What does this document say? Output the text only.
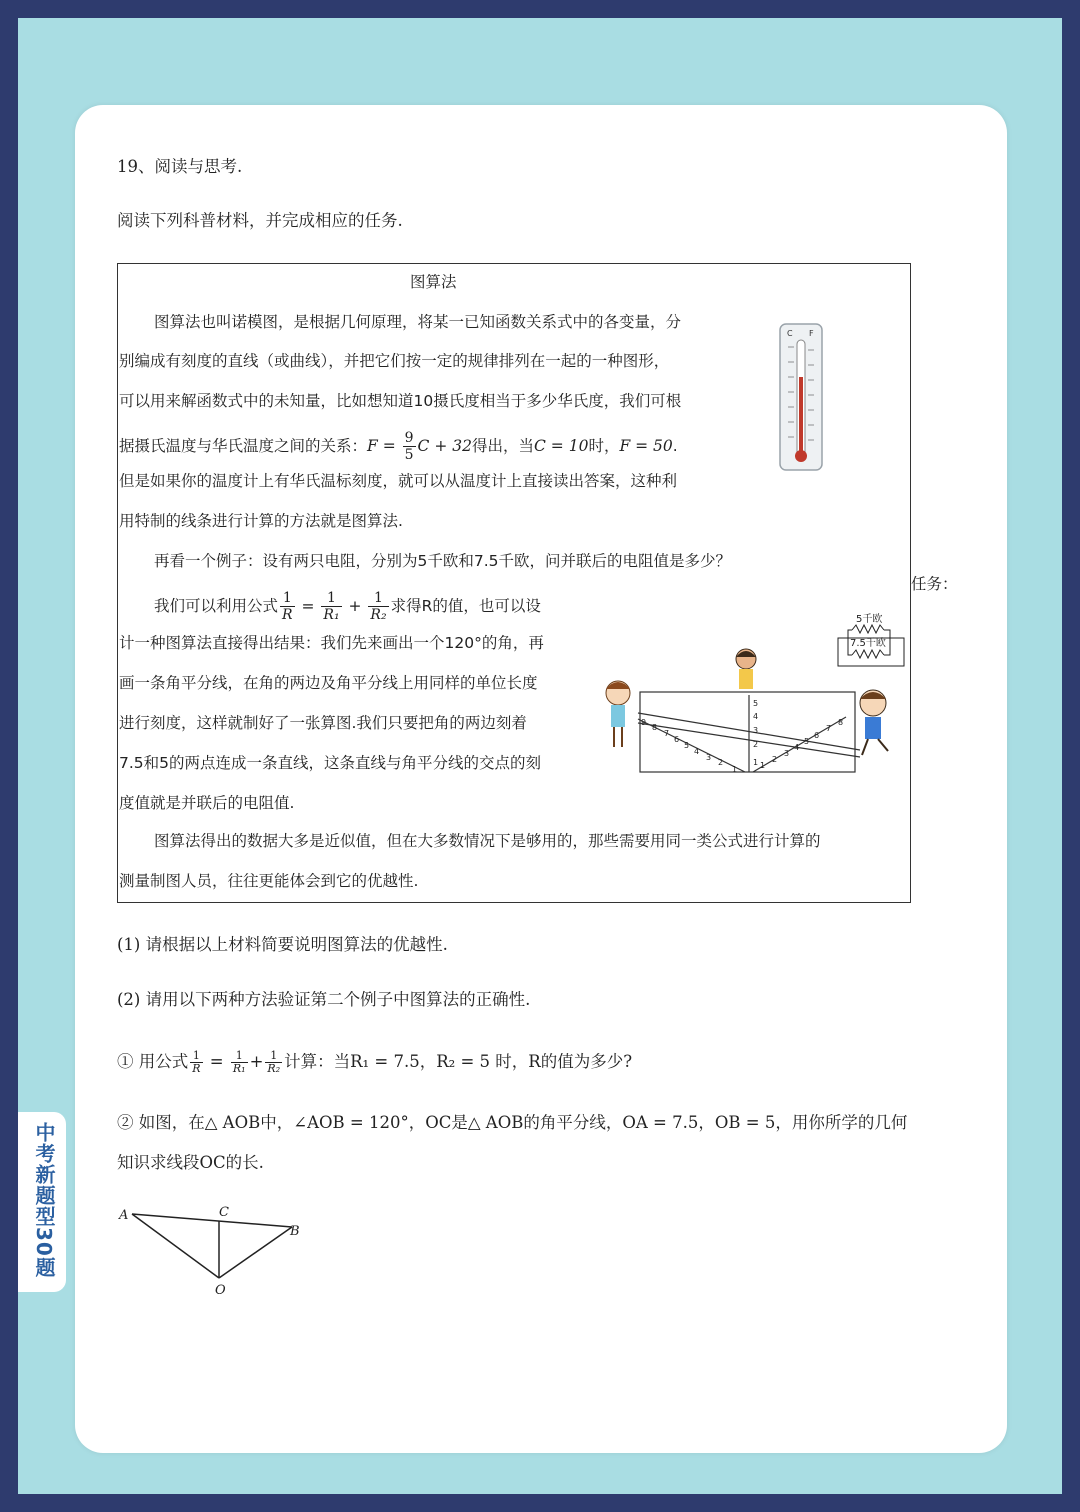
中考新题型30题
19、阅读与思考.
阅读下列科普材料，并完成相应的任务.
图算法
图算法也叫诺模图，是根据几何原理，将某一已知函数关系式中的各变量，分
别编成有刻度的直线（或曲线），并把它们按一定的规律排列在一起的一种图形，
可以用来解函数式中的未知量，比如想知道10摄氏度相当于多少华氏度，我们可根
据摄氏温度与华氏温度之间的关系：$F = \frac{9}{5}$ C + 32得出，当C = 10时，F = 50.
但是如果你的温度计上有华氏温标刻度，就可以从温度计上直接读出答案，这种利
用特制的线条进行计算的方法就是图算法.
再看一个例子：设有两只电阻，分别为5千欧和7.5千欧，问并联后的电阻值是多少？
我们可以利用公式 $\frac{1}{R} = \frac{1}{\text{R₁}} + \frac{1}{\text{R₂}}$ 求得R的值，也可以设
计一种图算法直接得出结果：我们先来画出一个120°的角，再
画一条角平分线，在角的两边及角平分线上用同样的单位长度
进行刻度，这样就制好了一张算图.我们只要把角的两边刻着
7.5和5的两点连成一条直线，这条直线与角平分线的交点的刻
度值就是并联后的电阻值.
图算法得出的数据大多是近似值，但在大多数情况下是够用的，那些需要用同一类公式进行计算的
测量制图人员，往往更能体会到它的优越性.
任务：
C F
5千欧
7.5千欧
1
2
3
4
5
1
2
3
4
5
6
7
8
9
1
2
3
4
5
6
7
8
(1) 请根据以上材料简要说明图算法的优越性.
(2) 请用以下两种方法验证第二个例子中图算法的正确性.
① 用公式 $\frac{1}{R} = \frac{1}{\text{R₁}} + \frac{1}{\text{R₂}}$ 计算：当R₁ = 7.5，R₂ = 5 时，R的值为多少?
② 如图，在△ AOB中，∠AOB = 120°，OC是△ AOB的角平分线，OA = 7.5，OB = 5，用你所学的几何
知识求线段OC的长.
A	C
B
O
